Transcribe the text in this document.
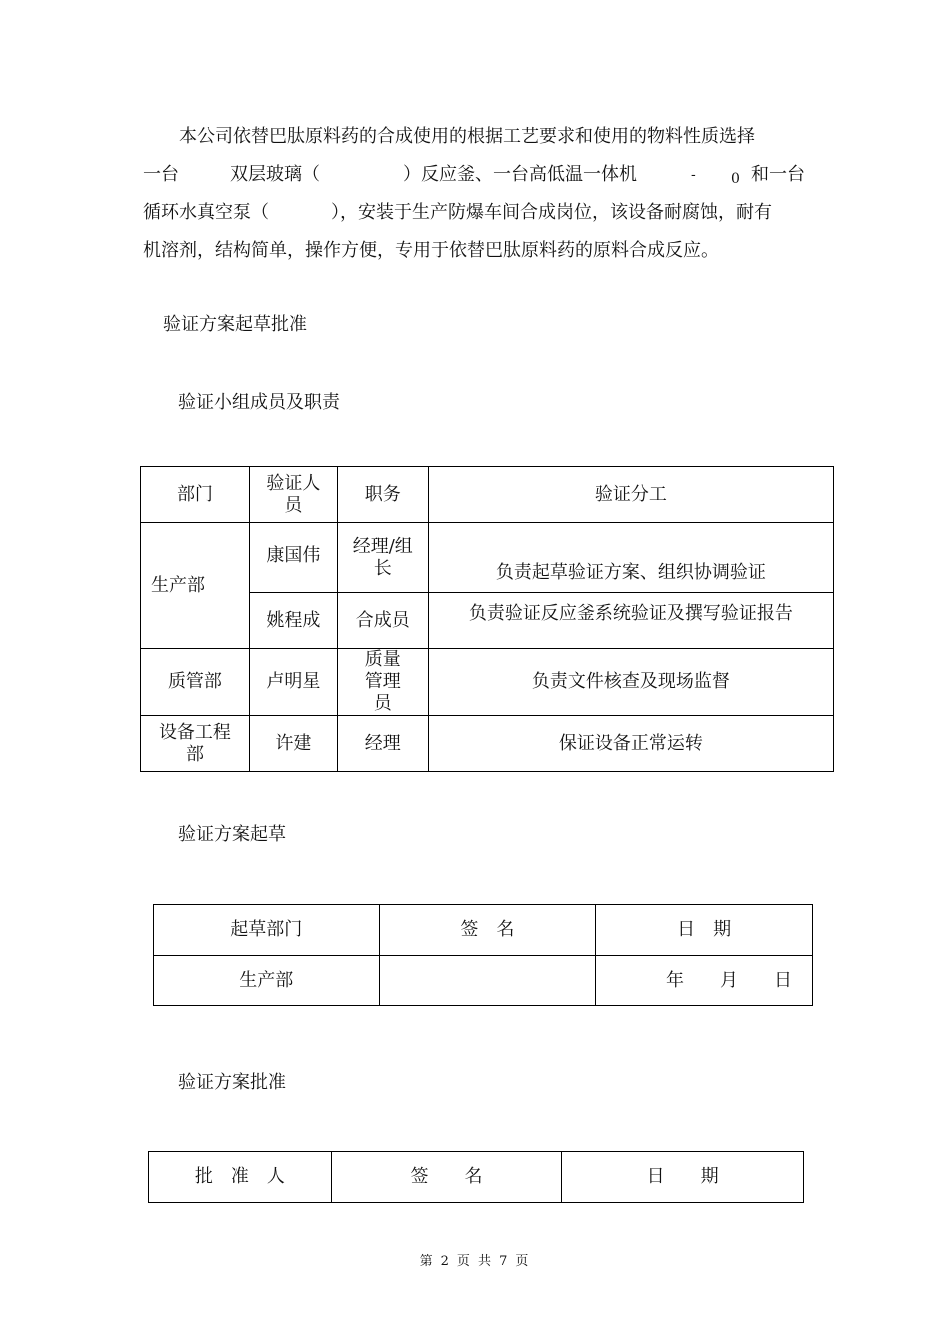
本公司依替巴肽原料药的合成使用的根据工艺要求和使用的物料性质选择
一台	双层玻璃（	）反应釜、一台高低温一体机	-	0 和一台
循环水真空泵（	），安装于生产防爆车间合成岗位，该设备耐腐蚀，耐有
机溶剂，结构简单，操作方便，专用于依替巴肽原料药的原料合成反应。
验证方案起草批准
验证小组成员及职责
部门	验证人员	职务	验证分工
生产部	康国伟	经理/组长	负责起草验证方案、组织协调验证
	姚程成	合成员	负责验证反应釜系统验证及撰写验证报告
质管部	卢明星	质量管理员	负责文件核查及现场监督
设备工程部	许建	经理	保证设备正常运转
验证方案起草
起草部门	签　名	日　期
生产部		年　　月　　日
验证方案批准
批　准　人	签　　名	日　　期
第 2 页 共 7 页
